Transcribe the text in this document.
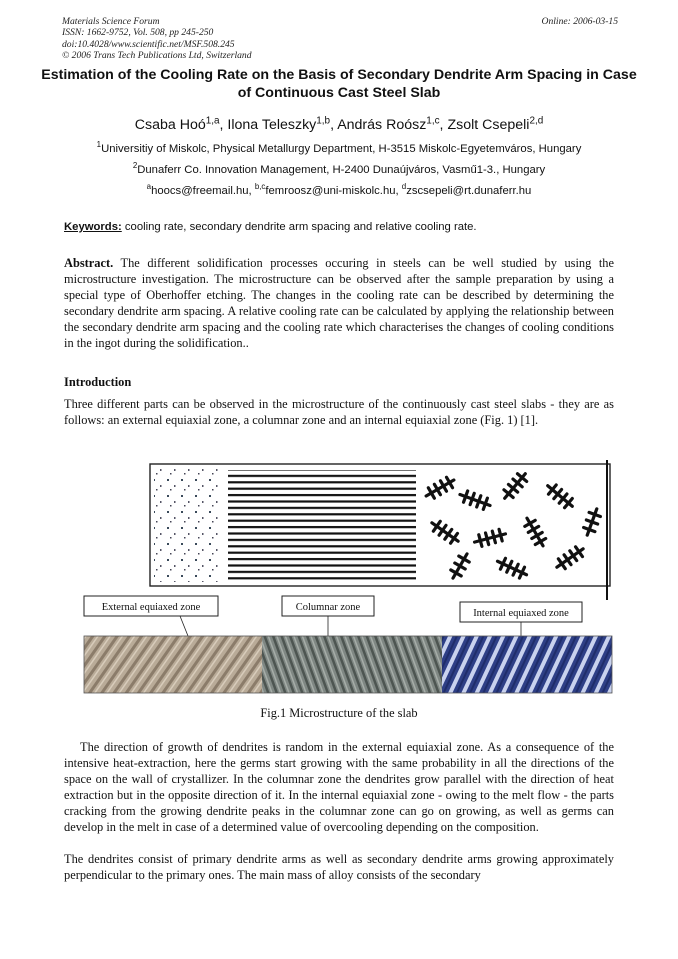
Materials Science Forum
ISSN: 1662-9752, Vol. 508, pp 245-250
doi:10.4028/www.scientific.net/MSF.508.245
© 2006 Trans Tech Publications Ltd, Switzerland
Online: 2006-03-15
Estimation of the Cooling Rate on the Basis of Secondary Dendrite Arm Spacing in Case of Continuous Cast Steel Slab
Csaba Hoó$^{1,a}$, Ilona Teleszky$^{1,b}$, András Roósz$^{1,c}$, Zsolt Csepeli$^{2,d}$
$^1$Universitiy of Miskolc, Physical Metallurgy Department, H-3515 Miskolc-Egyetemváros, Hungary
$^2$Dunaferr Co. Innovation Management, H-2400 Dunaújváros, Vasmű1-3., Hungary
$^a$hoocs@freemail.hu, $^{b,c}$femroosz@uni-miskolc.hu, $^d$zscsepeli@rt.dunaferr.hu
Keywords: cooling rate, secondary dendrite arm spacing and relative cooling rate.
Abstract. The different solidification processes occuring in steels can be well studied by using the microstructure investigation. The microstructure can be observed after the sample preparation by using a special type of Oberhoffer etching. The changes in the cooling rate can be described by determining the secondary dendrite arm spacing. A relative cooling rate can be calculated by applying the relationship between the secondary dendrite arm spacing and the cooling rate which characterises the changes of cooling conditions in the ingot during the solidification..
Introduction
Three different parts can be observed in the microstructure of the continuously cast steel slabs - they are as follows: an external equiaxial zone, a columnar zone and an internal equiaxial zone (Fig. 1) [1].
External equiaxed zone	Columnar zone
Internal equiaxed zone
Fig.1 Microstructure of the slab
The direction of growth of dendrites is random in the external equiaxial zone. As a consequence of the intensive heat-extraction, here the germs start growing with the same probability in all the directions of the space on the wall of crystallizer. In the columnar zone the dendrites grow parallel with the direction of heat extraction but in the opposite direction of it. In the internal equiaxial zone - owing to the melt flow - the parts cracking from the growing dendrite peaks in the columnar zone can go on growing, as well as germs can develop in the melt in case of a determined value of overcooling depending on the composition.
The dendrites consist of primary dendrite arms as well as secondary dendrite arms growing approximately perpendicular to the primary ones. The main mass of alloy consists of the secondary
